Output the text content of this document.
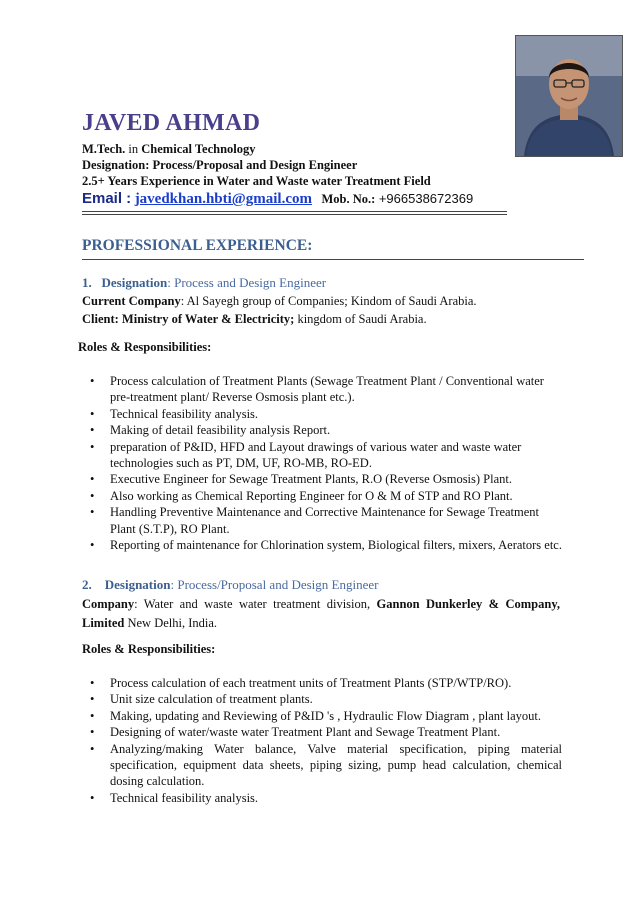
JAVED AHMAD
M.Tech. in Chemical Technology
Designation: Process/Proposal and Design Engineer
2.5+ Years Experience in Water and Waste water Treatment Field
Email : javedkhan.hbti@gmail.com Mob. No.: +966538672369
PROFESSIONAL EXPERIENCE:
1. Designation: Process and Design Engineer
Current Company: Al Sayegh group of Companies; Kindom of Saudi Arabia.
Client: Ministry of Water & Electricity; kingdom of Saudi Arabia.
Roles & Responsibilities:
• Process calculation of Treatment Plants (Sewage Treatment Plant / Conventional water pre-treatment plant/ Reverse Osmosis plant etc.).
• Technical feasibility analysis.
• Making of detail feasibility analysis Report.
• preparation of P&ID, HFD and Layout drawings of various water and waste water technologies such as PT, DM, UF, RO-MB, RO-ED.
• Executive Engineer for Sewage Treatment Plants, R.O (Reverse Osmosis) Plant.
• Also working as Chemical Reporting Engineer for O & M of STP and RO Plant.
• Handling Preventive Maintenance and Corrective Maintenance for Sewage Treatment Plant (S.T.P), RO Plant.
• Reporting of maintenance for Chlorination system, Biological filters, mixers, Aerators etc.
2. Designation: Process/Proposal and Design Engineer
Company: Water and waste water treatment division, Gannon Dunkerley & Company, Limited New Delhi, India.
Roles & Responsibilities:
• Process calculation of each treatment units of Treatment Plants (STP/WTP/RO).
• Unit size calculation of treatment plants.
• Making, updating and Reviewing of P&ID 's , Hydraulic Flow Diagram , plant layout.
• Designing of water/waste water Treatment Plant and Sewage Treatment Plant.
• Analyzing/making Water balance, Valve material specification, piping material specification, equipment data sheets, piping sizing, pump head calculation, chemical dosing calculation.
• Technical feasibility analysis.
